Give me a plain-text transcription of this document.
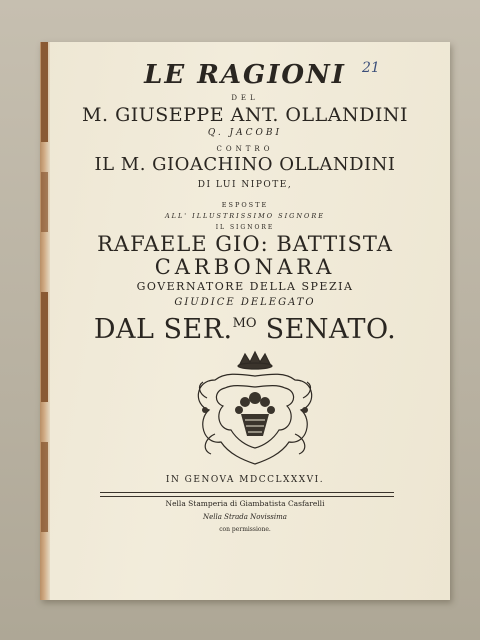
21
LE RAGIONI
DEL
M. GIUSEPPE ANT. OLLANDINI
Q. JACOBI
CONTRO
IL M. GIOACHINO OLLANDINI
DI LUI NIPOTE,
ESPOSTE
ALL' ILLUSTRISSIMO SIGNORE
IL SIGNORE
RAFAELE GIO: BATTISTA
CARBONARA
GOVERNATORE DELLA SPEZIA
GIUDICE DELEGATO
DAL SER.$^{MO}$ SENATO.
IN GENOVA MDCCLXXXVI.
Nella Stamperia di Giambatista Casfarelli
Nella Strada Novissima
con permissione.
